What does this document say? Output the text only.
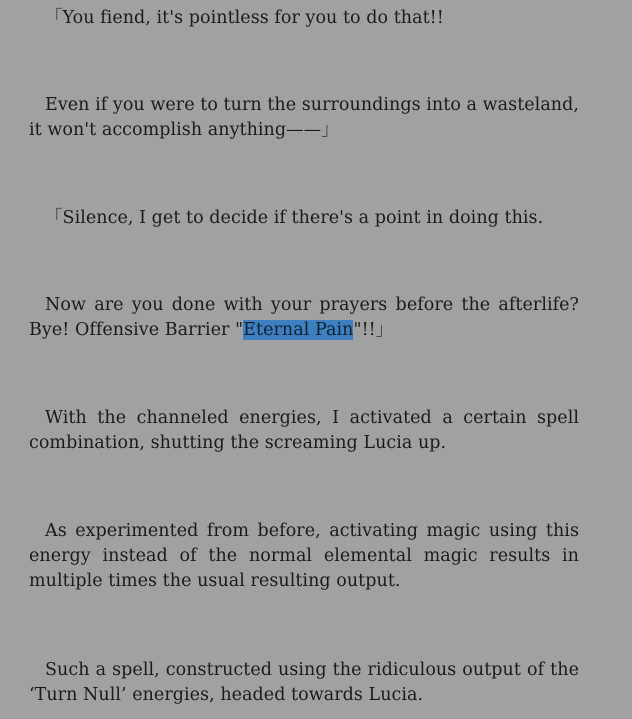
「You fiend, it's pointless for you to do that!!

Even if you were to turn the surroundings into a wasteland, it won't accomplish anything——」

「Silence, I get to decide if there's a point in doing this.

Now are you done with your prayers before the afterlife? Bye! Offensive Barrier "Eternal Pain"!!」

With the channeled energies, I activated a certain spell combination, shutting the screaming Lucia up.

As experimented from before, activating magic using this energy instead of the normal elemental magic results in multiple times the usual resulting output.

Such a spell, constructed using the ridiculous output of the ‘Turn Null’ energies, headed towards Lucia.
